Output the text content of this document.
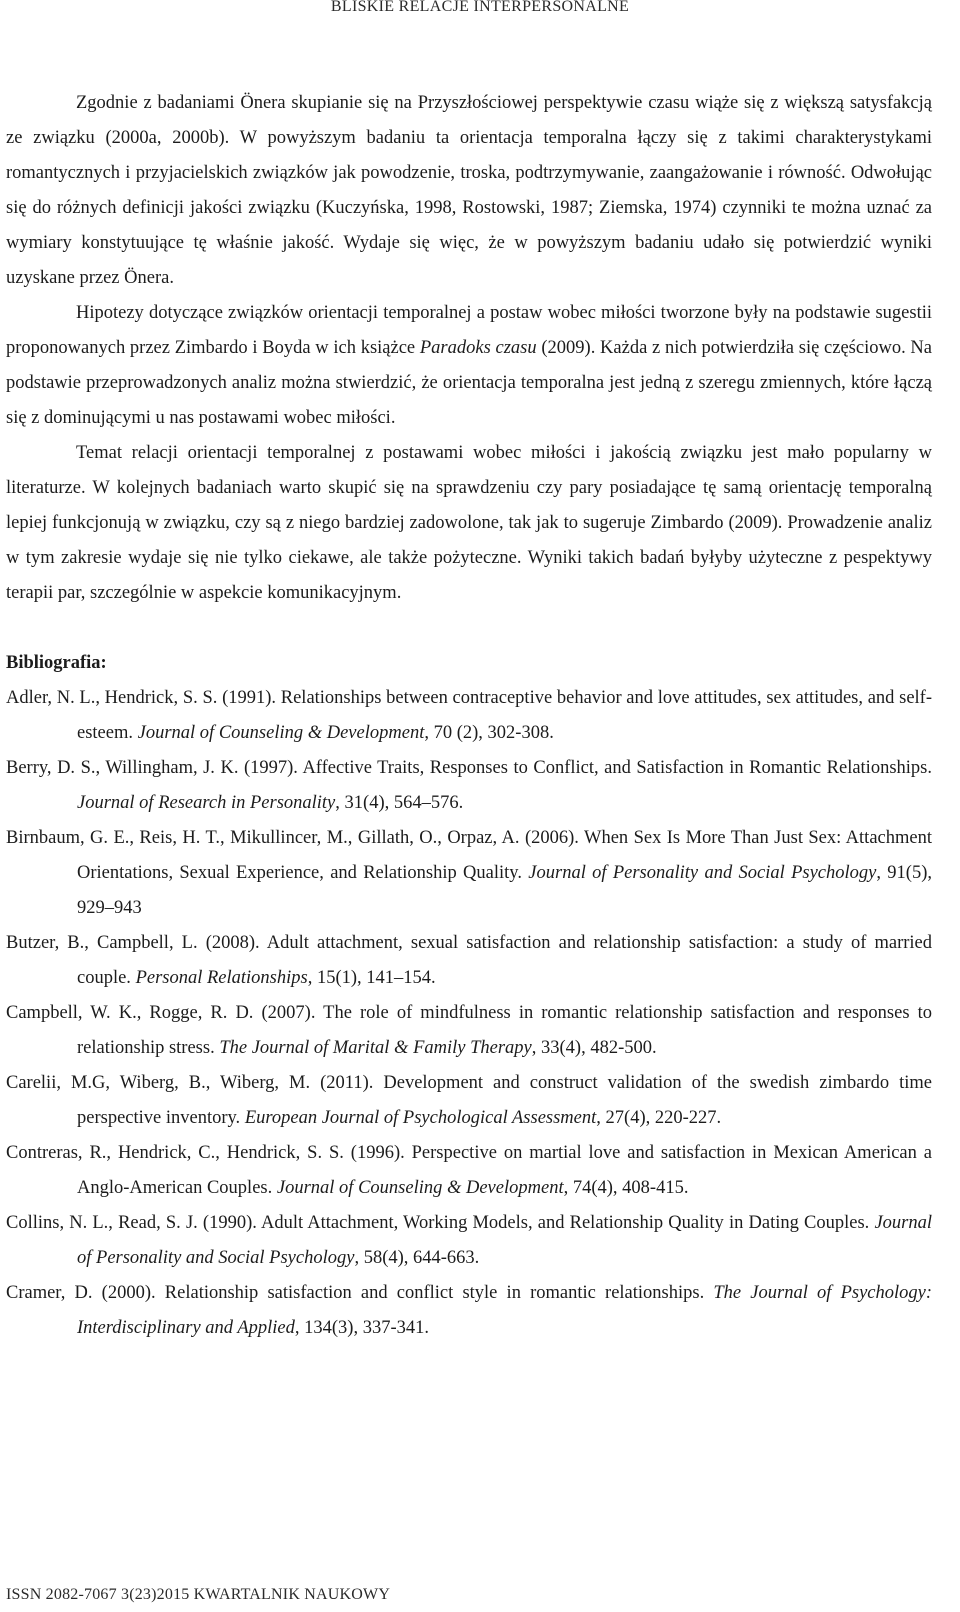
BLISKIE RELACJE INTERPERSONALNE

Zgodnie z badaniami Önera skupianie się na Przyszłościowej perspektywie czasu wiąże się z większą satysfakcją ze związku (2000a, 2000b). W powyższym badaniu ta orientacja temporalna łączy się z takimi charakterystykami romantycznych i przyjacielskich związków jak powodzenie, troska, podtrzymywanie, zaangażowanie i równość. Odwołując się do różnych definicji jakości związku (Kuczyńska, 1998, Rostowski, 1987; Ziemska, 1974) czynniki te można uznać za wymiary konstytuujące tę właśnie jakość. Wydaje się więc, że w powyższym badaniu udało się potwierdzić wyniki uzyskane przez Önera.

Hipotezy dotyczące związków orientacji temporalnej a postaw wobec miłości tworzone były na podstawie sugestii proponowanych przez Zimbardo i Boyda w ich książce Paradoks czasu (2009). Każda z nich potwierdziła się częściowo. Na podstawie przeprowadzonych analiz można stwierdzić, że orientacja temporalna jest jedną z szeregu zmiennych, które łączą się z dominującymi u nas postawami wobec miłości.

Temat relacji orientacji temporalnej z postawami wobec miłości i jakością związku jest mało popularny w literaturze. W kolejnych badaniach warto skupić się na sprawdzeniu czy pary posiadające tę samą orientację temporalną lepiej funkcjonują w związku, czy są z niego bardziej zadowolone, tak jak to sugeruje Zimbardo (2009). Prowadzenie analiz w tym zakresie wydaje się nie tylko ciekawe, ale także pożyteczne. Wyniki takich badań byłyby użyteczne z pespektywy terapii par, szczególnie w aspekcie komunikacyjnym.

Bibliografia:

Adler, N. L., Hendrick, S. S. (1991). Relationships between contraceptive behavior and love attitudes, sex attitudes, and self-esteem. Journal of Counseling & Development, 70 (2), 302-308.
Berry, D. S., Willingham, J. K. (1997). Affective Traits, Responses to Conflict, and Satisfaction in Romantic Relationships. Journal of Research in Personality, 31(4), 564–576.
Birnbaum, G. E., Reis, H. T., Mikullincer, M., Gillath, O., Orpaz, A. (2006). When Sex Is More Than Just Sex: Attachment Orientations, Sexual Experience, and Relationship Quality. Journal of Personality and Social Psychology, 91(5), 929–943
Butzer, B., Campbell, L. (2008). Adult attachment, sexual satisfaction and relationship satisfaction: a study of married couple. Personal Relationships, 15(1), 141–154.
Campbell, W. K., Rogge, R. D. (2007). The role of mindfulness in romantic relationship satisfaction and responses to relationship stress. The Journal of Marital & Family Therapy, 33(4), 482-500.
Carelii, M.G, Wiberg, B., Wiberg, M. (2011). Development and construct validation of the swedish zimbardo time perspective inventory. European Journal of Psychological Assessment, 27(4), 220-227.
Contreras, R., Hendrick, C., Hendrick, S. S. (1996). Perspective on martial love and satisfaction in Mexican American a Anglo-American Couples. Journal of Counseling & Development, 74(4), 408-415.
Collins, N. L., Read, S. J. (1990). Adult Attachment, Working Models, and Relationship Quality in Dating Couples. Journal of Personality and Social Psychology, 58(4), 644-663.
Cramer, D. (2000). Relationship satisfaction and conflict style in romantic relationships. The Journal of Psychology: Interdisciplinary and Applied, 134(3), 337-341.
ISSN 2082-7067 3(23)2015 KWARTALNIK NAUKOWY
